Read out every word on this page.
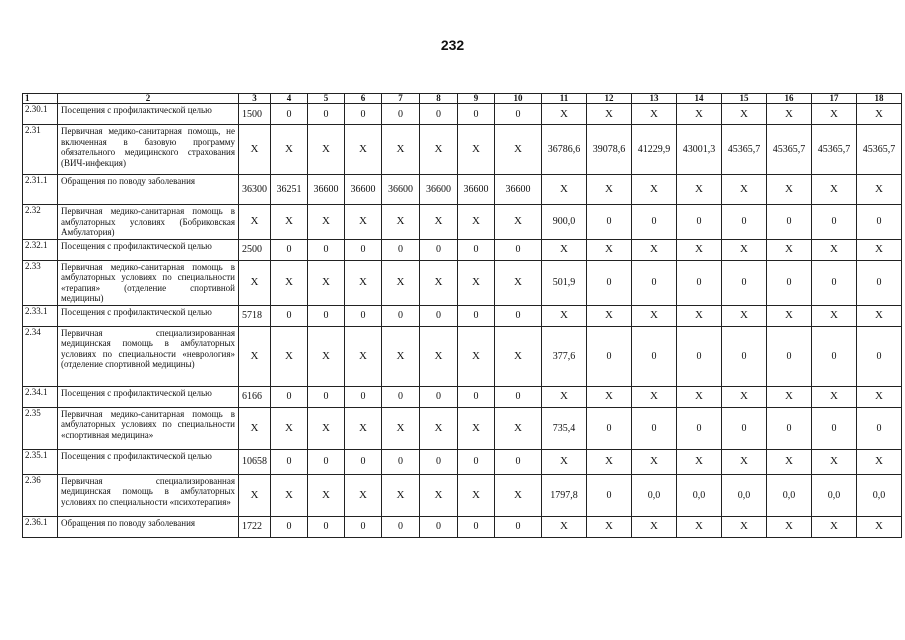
232
1	2	3	4	5	6	7	8	9	10	11	12	13	14	15	16	17	18
2.30.1	Посещения с профилактической целью	1500	0	0	0	0	0	0	0	X	X	X	X	X	X	X	X
2.31	Первичная медико-санитарная помощь, не включенная в базовую программу обязательного медицинского страхования (ВИЧ-инфекция)	X	X	X	X	X	X	X	X	36786,6	39078,6	41229,9	43001,3	45365,7	45365,7	45365,7	45365,7
2.31.1	Обращения по поводу заболевания	36300	36251	36600	36600	36600	36600	36600	36600	X	X	X	X	X	X	X	X
2.32	Первичная медико-санитарная помощь в амбулаторных условиях (Бобриковская Амбулатория)	X	X	X	X	X	X	X	X	900,0	0	0	0	0	0	0	0
2.32.1	Посещения с профилактической целью	2500	0	0	0	0	0	0	0	X	X	X	X	X	X	X	X
2.33	Первичная медико-санитарная помощь в амбулаторных условиях по специальности «терапия» (отделение спортивной медицины)	X	X	X	X	X	X	X	X	501,9	0	0	0	0	0	0	0
2.33.1	Посещения с профилактической целью	5718	0	0	0	0	0	0	0	X	X	X	X	X	X	X	X
2.34	Первичная специализированная медицинская помощь в амбулаторных условиях по специальности «неврология» (отделение спортивной медицины)	X	X	X	X	X	X	X	X	377,6	0	0	0	0	0	0	0
2.34.1	Посещения с профилактической целью	6166	0	0	0	0	0	0	0	X	X	X	X	X	X	X	X
2.35	Первичная медико-санитарная помощь в амбулаторных условиях по специальности «спортивная медицина»	X	X	X	X	X	X	X	X	735,4	0	0	0	0	0	0	0
2.35.1	Посещения с профилактической целью	10658	0	0	0	0	0	0	0	X	X	X	X	X	X	X	X
2.36	Первичная специализированная медицинская помощь в амбулаторных условиях по специальности «психотерапия»	X	X	X	X	X	X	X	X	1797,8	0	0,0	0,0	0,0	0,0	0,0	0,0
2.36.1	Обращения по поводу заболевания	1722	0	0	0	0	0	0	0	X	X	X	X	X	X	X	X
